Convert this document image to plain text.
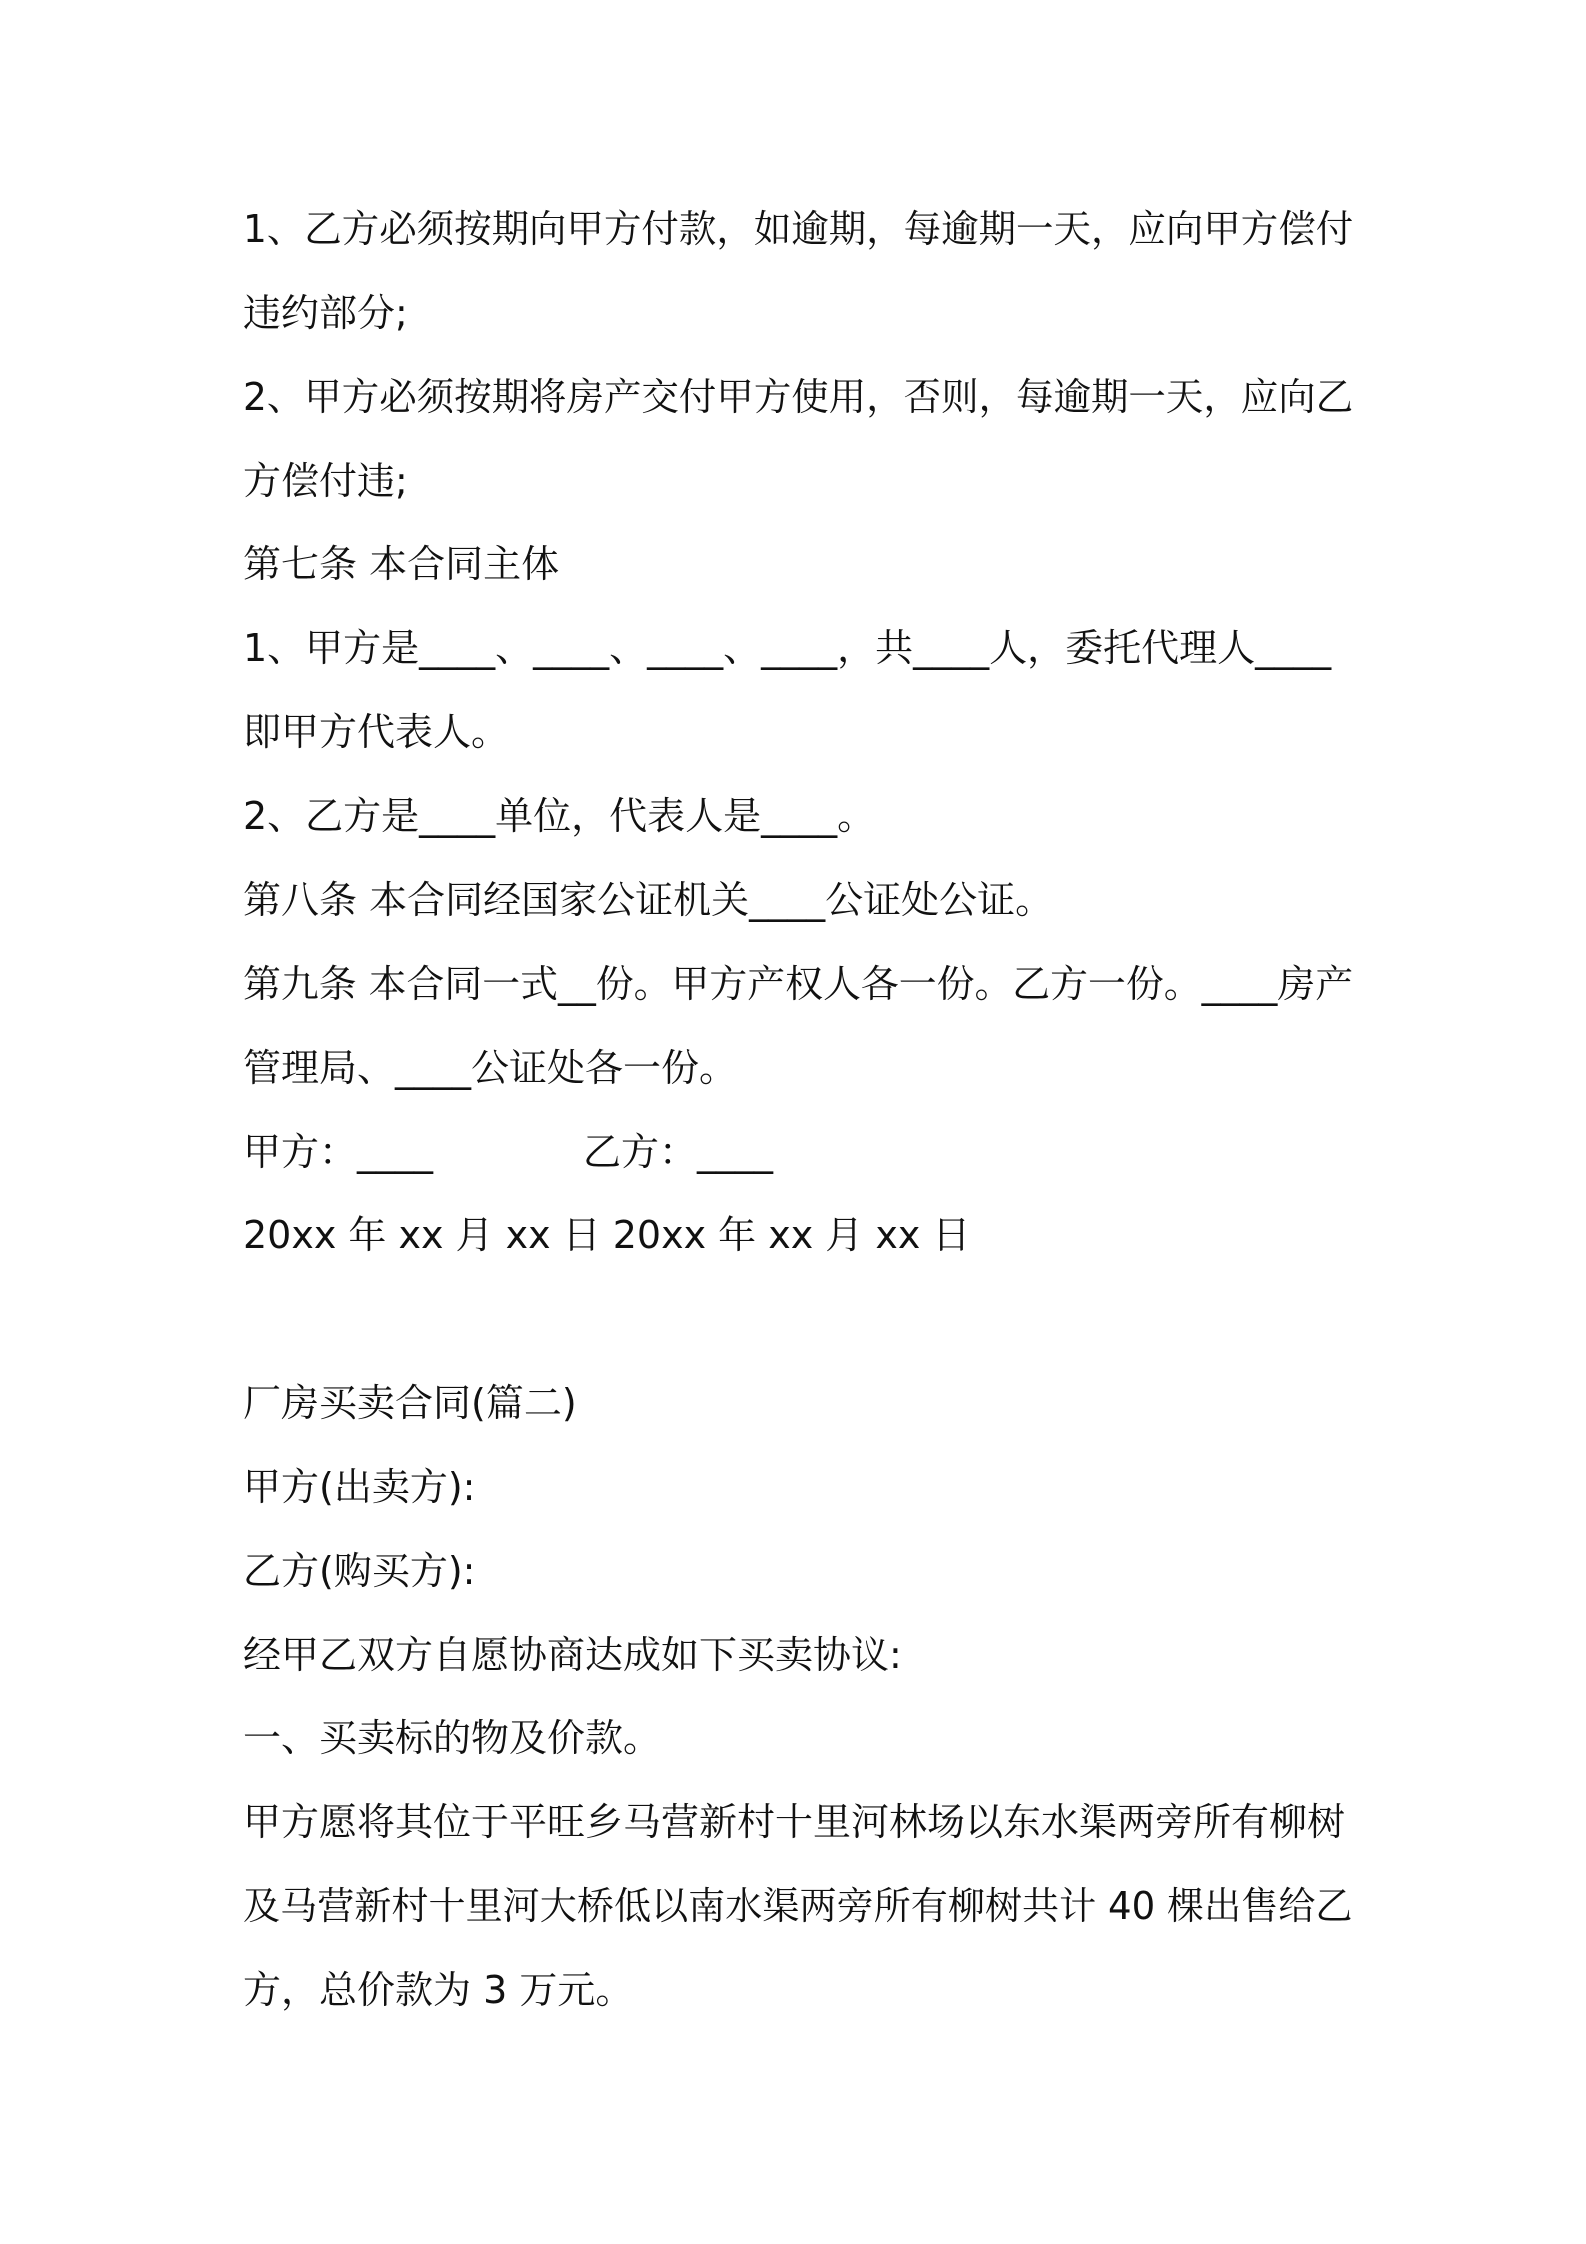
1、乙方必须按期向甲方付款，如逾期，每逾期一天，应向甲方偿付
违约部分;
2、甲方必须按期将房产交付甲方使用，否则，每逾期一天，应向乙
方偿付违;
第七条 本合同主体
1、甲方是____、____、____、____，共____人，委托代理人____
即甲方代表人。
2、乙方是____单位，代表人是____。
第八条 本合同经国家公证机关____公证处公证。
第九条 本合同一式__份。甲方产权人各一份。乙方一份。____房产
管理局、____公证处各一份。
甲方：____	乙方：____
20xx 年 xx 月 xx 日 20xx 年 xx 月 xx 日
厂房买卖合同(篇二)
甲方(出卖方):
乙方(购买方):
经甲乙双方自愿协商达成如下买卖协议:
一、买卖标的物及价款。
甲方愿将其位于平旺乡马营新村十里河林场以东水渠两旁所有柳树
及马营新村十里河大桥低以南水渠两旁所有柳树共计 40 棵出售给乙
方，总价款为 3 万元。
